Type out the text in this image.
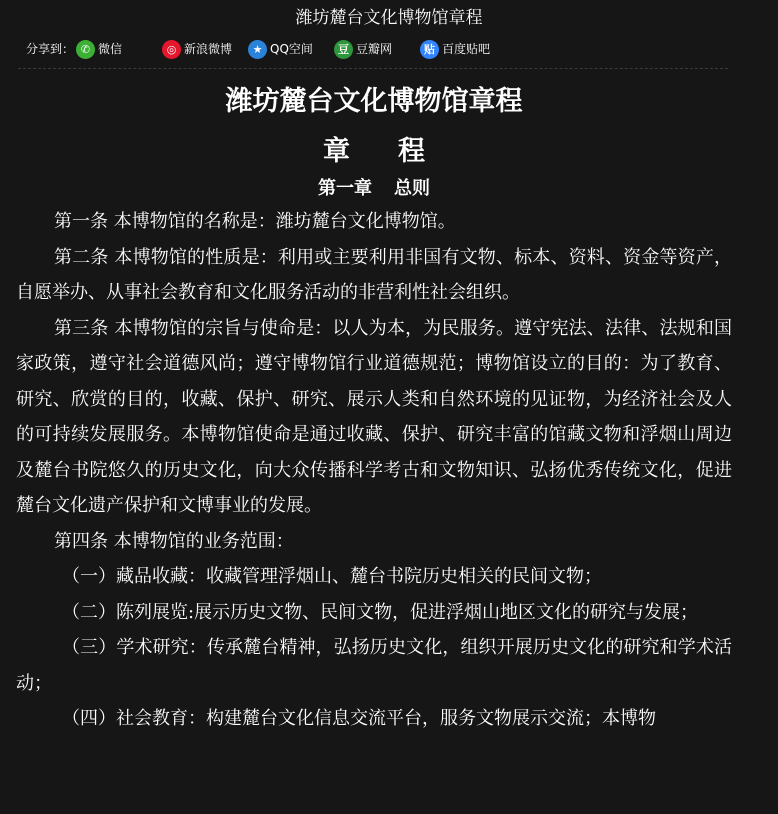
潍坊麓台文化博物馆章程
分享到： ✆ 微信	◎ 新浪微博	★ QQ空间	豆 豆瓣网	贴 百度贴吧
潍坊麓台文化博物馆章程
章程
第一章 总则

第一条 本博物馆的名称是：潍坊麓台文化博物馆。

第二条 本博物馆的性质是：利用或主要利用非国有文物、标本、资料、资金等资产，自愿举办、从事社会教育和文化服务活动的非营利性社会组织。

第三条 本博物馆的宗旨与使命是：以人为本，为民服务。遵守宪法、法律、法规和国家政策，遵守社会道德风尚；遵守博物馆行业道德规范；博物馆设立的目的：为了教育、研究、欣赏的目的，收藏、保护、研究、展示人类和自然环境的见证物，为经济社会及人的可持续发展服务。本博物馆使命是通过收藏、保护、研究丰富的馆藏文物和浮烟山周边及麓台书院悠久的历史文化，向大众传播科学考古和文物知识、弘扬优秀传统文化，促进麓台文化遗产保护和文博事业的发展。

第四条 本博物馆的业务范围：

（一）藏品收藏：收藏管理浮烟山、麓台书院历史相关的民间文物；

（二）陈列展览:展示历史文物、民间文物，促进浮烟山地区文化的研究与发展；

（三）学术研究：传承麓台精神，弘扬历史文化，组织开展历史文化的研究和学术活动；

（四）社会教育：构建麓台文化信息交流平台，服务文物展示交流；本博物
